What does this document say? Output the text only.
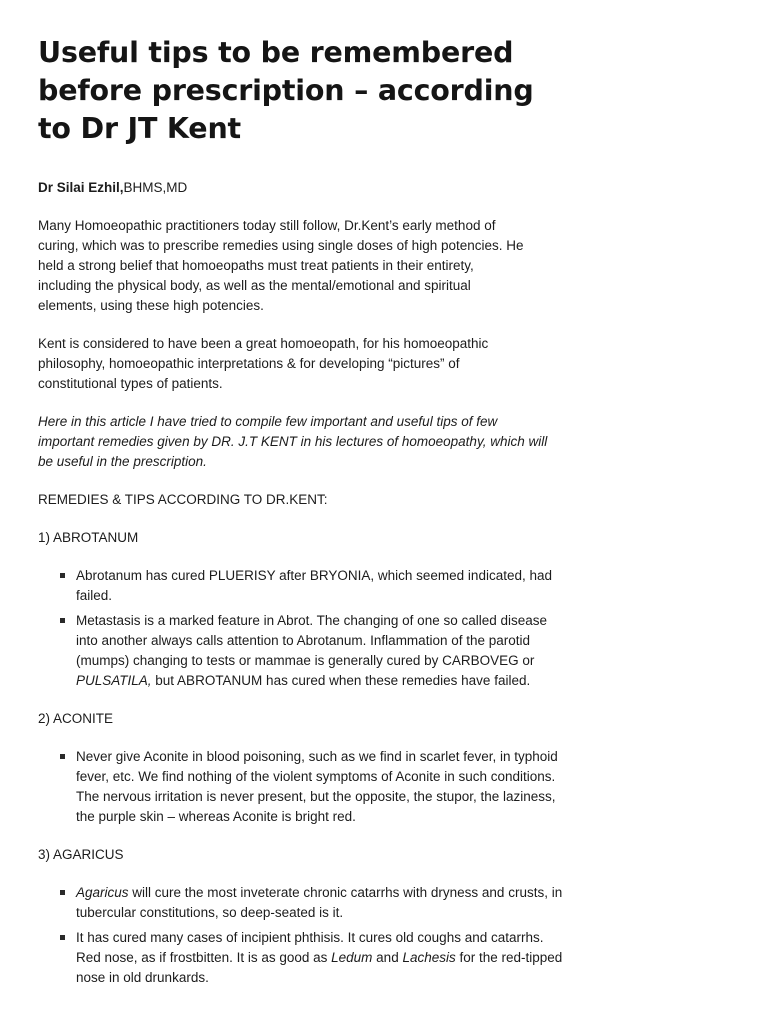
Useful tips to be remembered
before prescription – according
to Dr JT Kent
Dr Silai Ezhil,BHMS,MD
Many Homoeopathic practitioners today still follow, Dr.Kent’s early method of
curing, which was to prescribe remedies using single doses of high potencies. He
held a strong belief that homoeopaths must treat patients in their entirety,
including the physical body, as well as the mental/emotional and spiritual
elements, using these high potencies.
Kent is considered to have been a great homoeopath, for his homoeopathic
philosophy, homoeopathic interpretations & for developing “pictures” of
constitutional types of patients.
Here in this article I have tried to compile few important and useful tips of few
important remedies given by DR. J.T KENT in his lectures of homoeopathy, which will
be useful in the prescription.
REMEDIES & TIPS ACCORDING TO DR.KENT:
1) ABROTANUM
Abrotanum has cured PLUERISY after BRYONIA, which seemed indicated, had
failed.
Metastasis is a marked feature in Abrot. The changing of one so called disease
into another always calls attention to Abrotanum. Inflammation of the parotid
(mumps) changing to tests or mammae is generally cured by CARBOVEG or
PULSATILA, but ABROTANUM has cured when these remedies have failed.
2) ACONITE
Never give Aconite in blood poisoning, such as we find in scarlet fever, in typhoid
fever, etc. We find nothing of the violent symptoms of Aconite in such conditions.
The nervous irritation is never present, but the opposite, the stupor, the laziness,
the purple skin – whereas Aconite is bright red.
3) AGARICUS
Agaricus will cure the most inveterate chronic catarrhs with dryness and crusts, in
tubercular constitutions, so deep-seated is it.
It has cured many cases of incipient phthisis. It cures old coughs and catarrhs.
Red nose, as if frostbitten. It is as good as Ledum and Lachesis for the red-tipped
nose in old drunkards.
